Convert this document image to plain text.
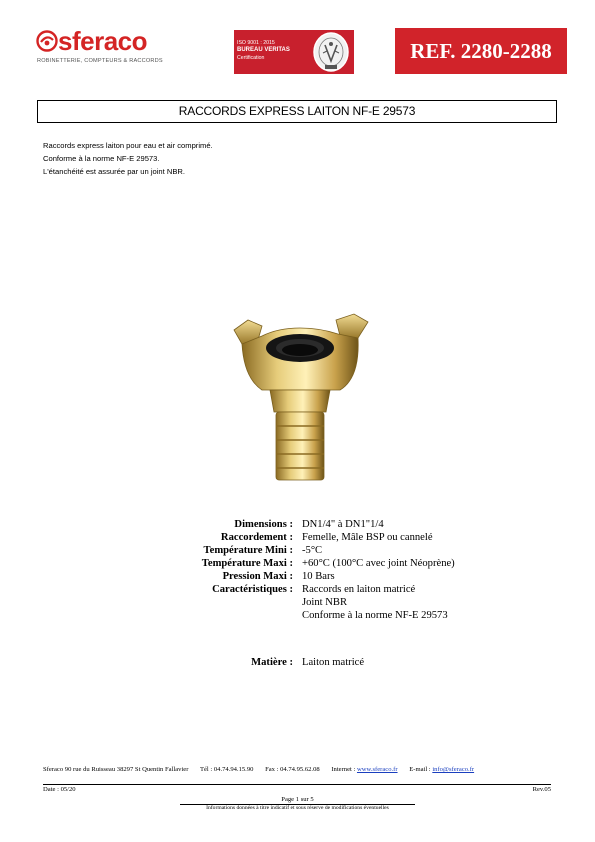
sferaco
ROBINETTERIE, COMPTEURS & RACCORDS
ISO 9001 : 2015
BUREAU VERITAS
Certification	REF. 2280-2288
RACCORDS EXPRESS LAITON NF-E 29573
Raccords express laiton pour eau et air comprimé.
Conforme à la norme NF-E 29573.
L'étanchéité est assurée par un joint NBR.
Dimensions : DN1/4" à DN1"1/4
Raccordement : Femelle, Mâle BSP ou cannelé
Température Mini : -5°C
Température Maxi : +60°C (100°C avec joint Néoprène)
Pression Maxi : 10 Bars
Caractéristiques : Raccords en laiton matricé
Joint NBR
Conforme à la norme NF-E 29573
Matière : Laiton matricé
Sferaco 90 rue du Ruisseau 38297 St Quentin Fallavier Tél : 04.74.94.15.90 Fax : 04.74.95.62.08 Internet : www.sferaco.fr E-mail : info@sferaco.fr
Date : 05/20	Rev.05
Page 1 sur 5
Informations données à titre indicatif et sous réserve de modifications éventuelles
